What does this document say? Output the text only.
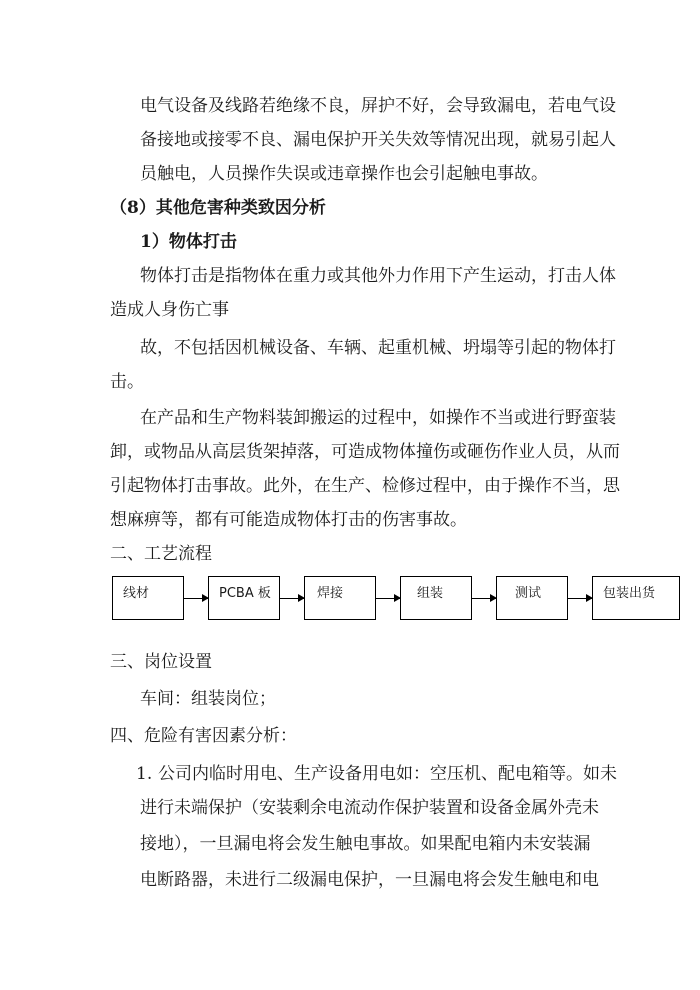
电气设备及线路若绝缘不良，屏护不好，会导致漏电，若电气设
备接地或接零不良、漏电保护开关失效等情况出现，就易引起人
员触电，人员操作失误或违章操作也会引起触电事故。
（8）其他危害种类致因分析
1）物体打击
物体打击是指物体在重力或其他外力作用下产生运动，打击人体
造成人身伤亡事
故，不包括因机械设备、车辆、起重机械、坍塌等引起的物体打
击。
在产品和生产物料装卸搬运的过程中，如操作不当或进行野蛮装
卸，或物品从高层货架掉落，可造成物体撞伤或砸伤作业人员，从而
引起物体打击事故。此外，在生产、检修过程中，由于操作不当，思
想麻痹等，都有可能造成物体打击的伤害事故。
二、工艺流程
线材	PCBA 板	焊接	组装	测试	包装出货
三、岗位设置
车间：组装岗位；
四、危险有害因素分析：
1. 公司内临时用电、生产设备用电如：空压机、配电箱等。如未
进行未端保护（安装剩余电流动作保护装置和设备金属外壳未
接地），一旦漏电将会发生触电事故。如果配电箱内未安装漏
电断路器，未进行二级漏电保护，一旦漏电将会发生触电和电
